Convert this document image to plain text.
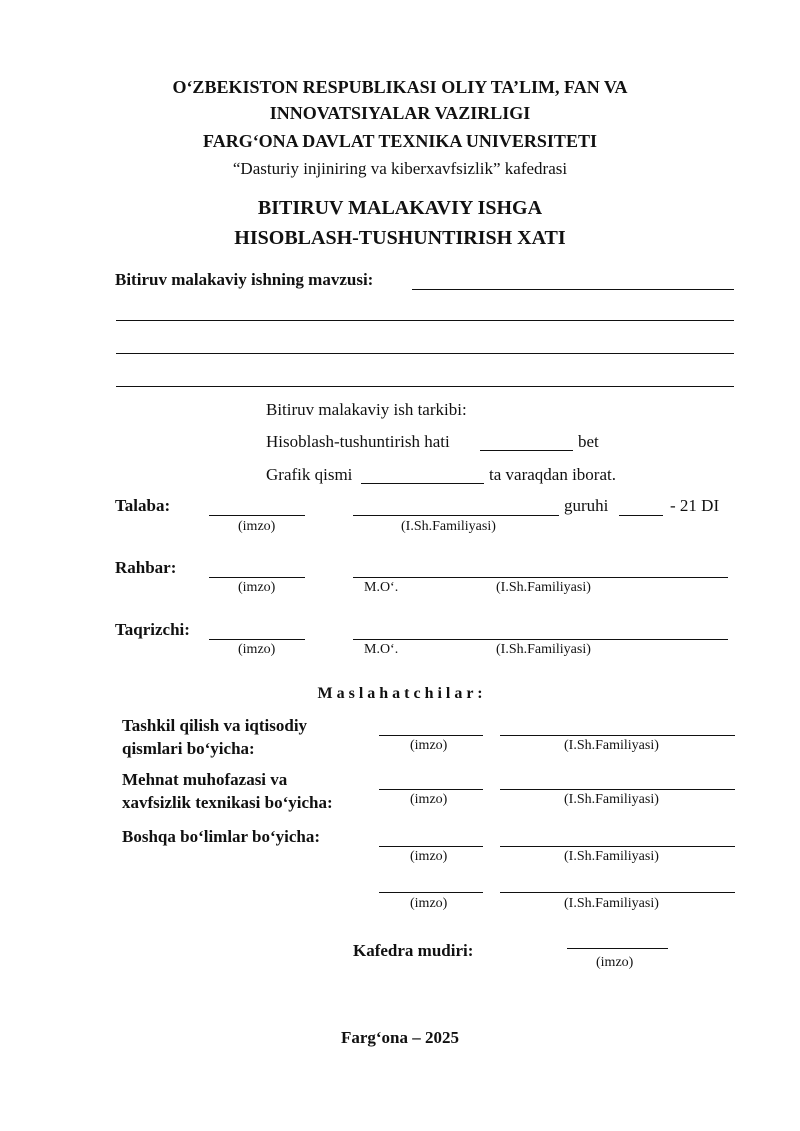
O‘ZBEKISTON RESPUBLIKASI OLIY TA’LIM, FAN VA
INNOVATSIYALAR VAZIRLIGI
FARG‘ONA DAVLAT TEXNIKA UNIVERSITETI
“Dasturiy injiniring va kiberxavfsizlik” kafedrasi
BITIRUV MALAKAVIY ISHGA
HISOBLASH-TUSHUNTIRISH XATI
Bitiruv malakaviy ishning mavzusi:
Bitiruv malakaviy ish tarkibi:
Hisoblash-tushuntirish hati	bet
Grafik qismi	ta varaqdan iborat.
Talaba:	guruhi	- 21 DI
(imzo)	(I.Sh.Familiyasi)
Rahbar:
(imzo)	M.O‘.	(I.Sh.Familiyasi)
Taqrizchi:
(imzo)	M.O‘.	(I.Sh.Familiyasi)
M a s l a h a t c h i l a r :
Tashkil qilish va iqtisodiy
qismlari bo‘yicha:	(imzo)	(I.Sh.Familiyasi)
Mehnat muhofazasi va
xavfsizlik texnikasi bo‘yicha:	(imzo)	(I.Sh.Familiyasi)
Boshqa bo‘limlar bo‘yicha:
(imzo)	(I.Sh.Familiyasi)
(imzo)	(I.Sh.Familiyasi)
Kafedra mudiri:
(imzo)
Farg‘ona – 2025
